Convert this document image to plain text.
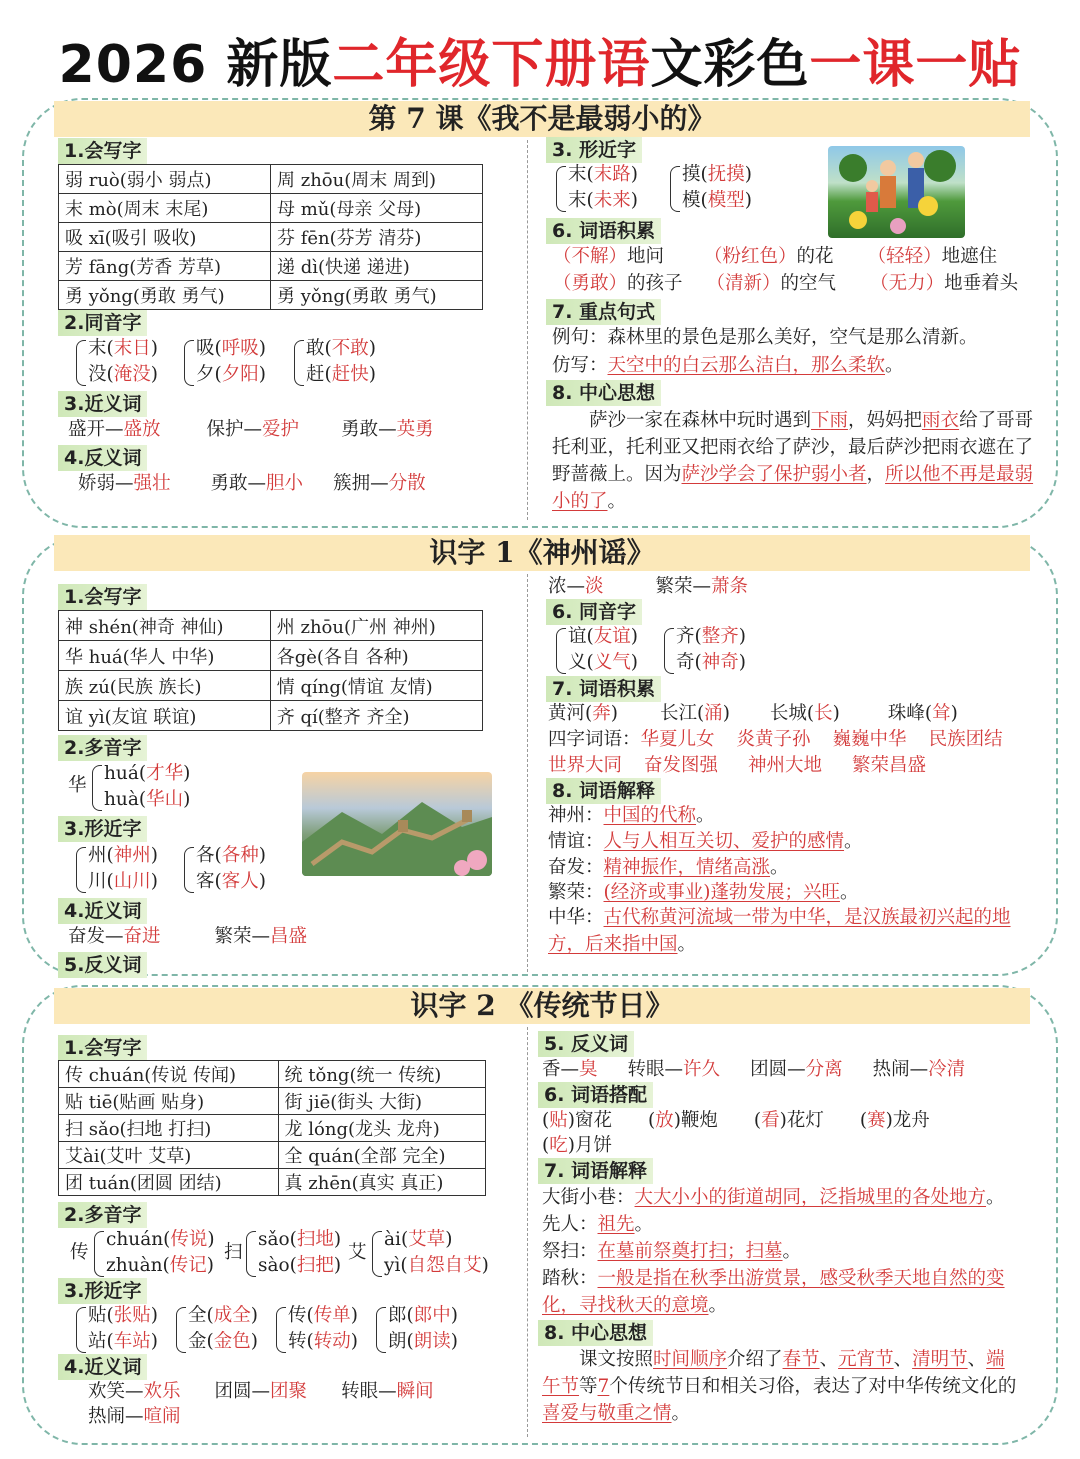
2026 新版二年级下册语文彩色一课一贴
第 7 课《我不是最弱小的》
1.会写字
弱 ruò(弱小 弱点)	周 zhōu(周末 周到)
末 mò(周末 末尾)	母 mǔ(母亲 父母)
吸 xī(吸引 吸收)	芬 fēn(芬芳 清芬)
芳 fāng(芳香 芳草)	递 dì(快递 递进)
勇 yǒng(勇敢 勇气)	勇 yǒng(勇敢 勇气)
2.同音字
末(末日)
没(淹没)
吸(呼吸)
夕(夕阳)
敢(不敢)
赶(赶快)
3.近义词
盛开—盛放 保护—爱护 勇敢—英勇
4.反义词
娇弱—强壮 勇敢—胆小 簇拥—分散
3. 形近字
末(末路)
末(未来)
摸(抚摸)
模(模型)
6. 词语积累
（不解）地问 （粉红色）的花 （轻轻）地遮住
（勇敢）的孩子 （清新）的空气 （无力）地垂着头
7. 重点句式
例句：森林里的景色是那么美好，空气是那么清新。
仿写：天空中的白云那么洁白，那么柔软。
8. 中心思想
萨沙一家在森林中玩时遇到下雨，妈妈把雨衣给了哥哥托利亚，托利亚又把雨衣给了萨沙，最后萨沙把雨衣遮在了野蔷薇上。因为萨沙学会了保护弱小者，所以他不再是最弱小的了。
识字 1《神州谣》
1.会写字
神 shén(神奇 神仙)	州 zhōu(广州 神州)
华 huá(华人 中华)	各gè(各自 各种)
族 zú(民族 族长)	情 qíng(情谊 友情)
谊 yì(友谊 联谊)	齐 qí(整齐 齐全)
2.多音字
华
huá(才华)
huà(华山)
3.形近字
州(神州)
川(山川)
各(各种)
客(客人)
4.近义词
奋发—奋进	繁荣—昌盛
5.反义词
浓—淡	繁荣—萧条
6. 同音字
谊(友谊)
义(义气)
齐(整齐)
奇(神奇)
7. 词语积累
黄河(奔) 长江(涌) 长城(长)	珠峰(耸)
四字词语：华夏儿女 炎黄子孙 巍巍中华 民族团结
世界大同 奋发图强 神州大地 繁荣昌盛
8. 词语解释
神州：中国的代称。
情谊：人与人相互关切、爱护的感情。
奋发：精神振作，情绪高涨。
繁荣：(经济或事业)蓬勃发展；兴旺。
中华：古代称黄河流域一带为中华，是汉族最初兴起的地方，后来指中国。
识字 2 《传统节日》
1.会写字
传 chuán(传说 传闻)	统 tǒng(统一 传统)
贴 tiē(贴画 贴身)	街 jiē(街头 大街)
扫 sǎo(扫地 打扫)	龙 lóng(龙头 龙舟)
艾ài(艾叶 艾草)	全 quán(全部 完全)
团 tuán(团圆 团结)	真 zhēn(真实 真正)
2.多音字
传
chuán(传说)
zhuàn(传记)
扫
sǎo(扫地)
sào(扫把)
艾
ài(艾草)
yì(自怨自艾)
3.形近字
贴(张贴)
站(车站)
全(成全)
金(金色)
传(传单)
转(转动)
郎(郎中)
朗(朗读)
4.近义词
欢笑—欢乐 团圆—团聚 转眼—瞬间
热闹—喧闹
5. 反义词
香—臭 转眼—许久 团圆—分离 热闹—冷清
6. 词语搭配
(贴)窗花 (放)鞭炮 (看)花灯 (赛)龙舟
(吃)月饼
7. 词语解释
大街小巷：大大小小的街道胡同，泛指城里的各处地方。
先人：祖先。
祭扫：在墓前祭奠打扫；扫墓。
踏秋：一般是指在秋季出游赏景，感受秋季天地自然的变化，寻找秋天的意境。
8. 中心思想
课文按照时间顺序介绍了春节、元宵节、清明节、端午节等7个传统节日和相关习俗，表达了对中华传统文化的喜爱与敬重之情。
